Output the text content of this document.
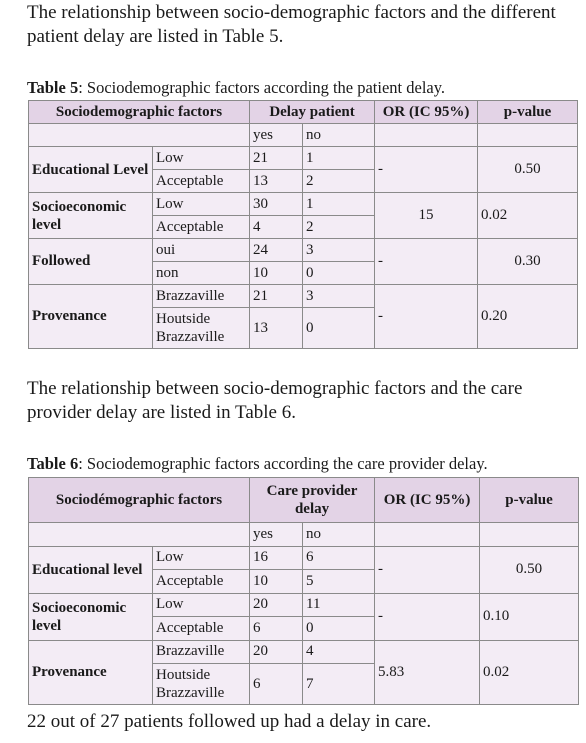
The relationship between socio-demographic factors and the different patient delay are listed in Table 5.

Table 5: Sociodemographic factors according the patient delay.

Sociodemographic factors		Delay patient		OR (IC 95%)	p-value
		yes	no		
Educational Level	Low	21	1	-	0.50
	Acceptable	13	2		
Socioeconomic level	Low	30	1	15	0.02
	Acceptable	4	2		
Followed	oui	24	3	-	0.30
	non	10	0		
Provenance	Brazzaville	21	3	-	0.20
	Houtside Brazzaville	13	0		

The relationship between socio-demographic factors and the care provider delay are listed in Table 6.

Table 6: Sociodemographic factors according the care provider delay.

Sociodémographic factors		Care provider delay		OR (IC 95%)	p-value
		yes	no		
Educational level	Low	16	6	-	0.50
	Acceptable	10	5		
Socioeconomic level	Low	20	11	-	0.10
	Acceptable	6	0		
Provenance	Brazzaville	20	4	5.83	0.02
	Houtside Brazzaville	6	7		

22 out of 27 patients followed up had a delay in care.
